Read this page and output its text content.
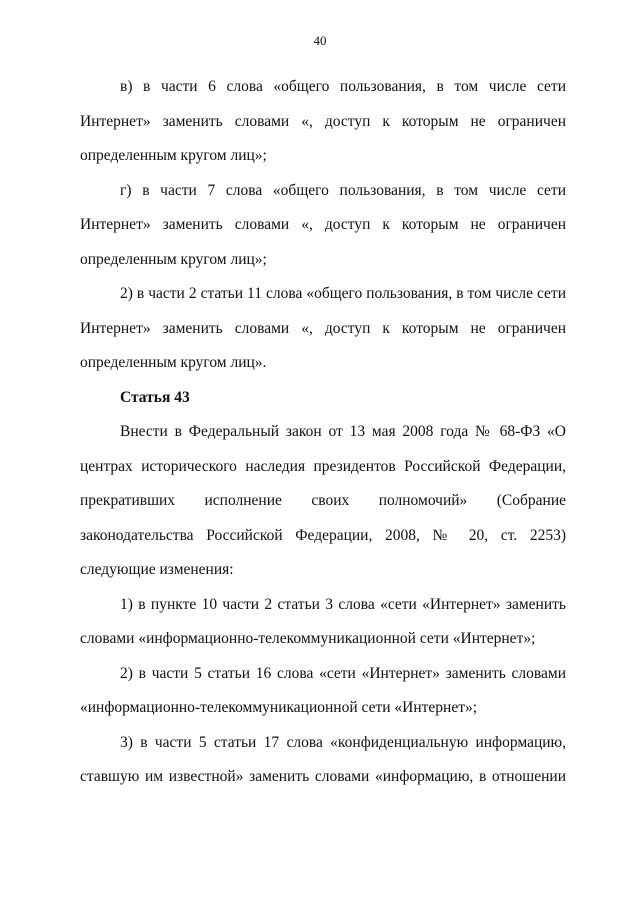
40

в) в части 6 слова «общего пользования, в том числе сети Интернет» заменить словами «, доступ к которым не ограничен определенным кругом лиц»;

г) в части 7 слова «общего пользования, в том числе сети Интернет» заменить словами «, доступ к которым не ограничен определенным кругом лиц»;

2) в части 2 статьи 11 слова «общего пользования, в том числе сети Интернет» заменить словами «, доступ к которым не ограничен определенным кругом лиц».

Статья 43

Внести в Федеральный закон от 13 мая 2008 года № 68-ФЗ «О центрах исторического наследия президентов Российской Федерации, прекративших исполнение своих полномочий» (Собрание законодательства Российской Федерации, 2008, № 20, ст. 2253) следующие изменения:

1) в пункте 10 части 2 статьи 3 слова «сети «Интернет» заменить словами «информационно-телекоммуникационной сети «Интернет»;

2) в части 5 статьи 16 слова «сети «Интернет» заменить словами «информационно-телекоммуникационной сети «Интернет»;

3) в части 5 статьи 17 слова «конфиденциальную информацию, ставшую им известной» заменить словами «информацию, в отношении
